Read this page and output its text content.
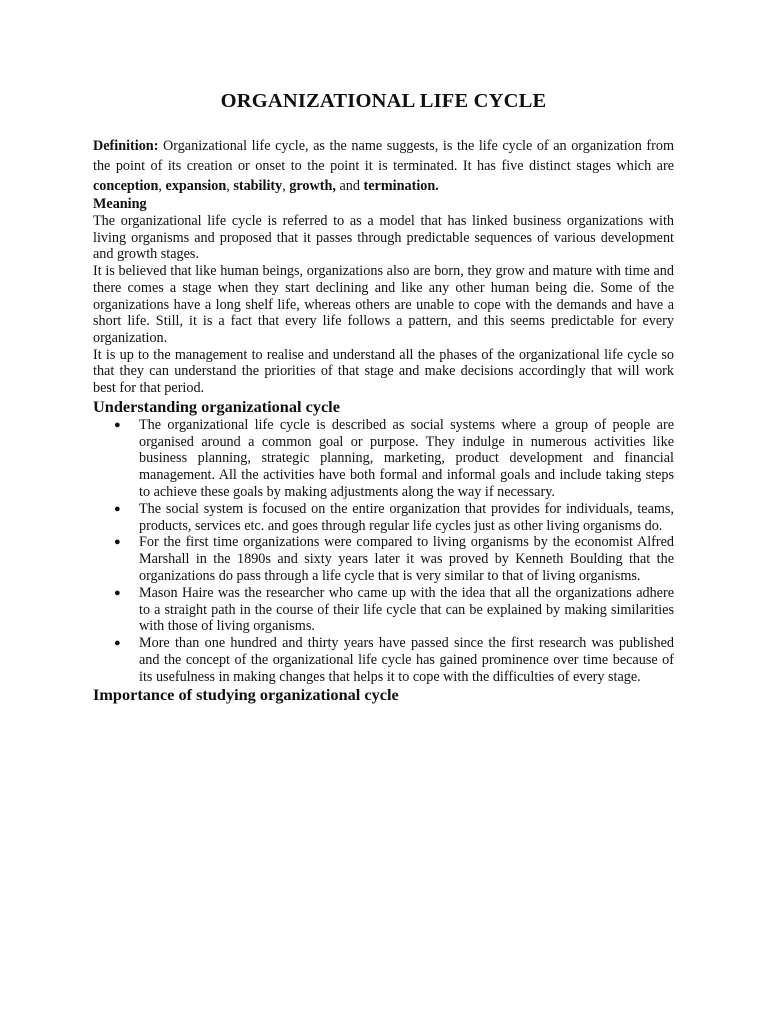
ORGANIZATIONAL LIFE CYCLE
Definition: Organizational life cycle, as the name suggests, is the life cycle of an organization from the point of its creation or onset to the point it is terminated. It has five distinct stages which are conception, expansion, stability, growth, and termination.
Meaning

The organizational life cycle is referred to as a model that has linked business organizations with living organisms and proposed that it passes through predictable sequences of various development and growth stages.

It is believed that like human beings, organizations also are born, they grow and mature with time and there comes a stage when they start declining and like any other human being die. Some of the organizations have a long shelf life, whereas others are unable to cope with the demands and have a short life. Still, it is a fact that every life follows a pattern, and this seems predictable for every organization.

It is up to the management to realise and understand all the phases of the organizational life cycle so that they can understand the priorities of that stage and make decisions accordingly that will work best for that period.

Understanding organizational cycle
● The organizational life cycle is described as social systems where a group of people are organised around a common goal or purpose. They indulge in numerous activities like business planning, strategic planning, marketing, product development and financial management. All the activities have both formal and informal goals and include taking steps to achieve these goals by making adjustments along the way if necessary.
● The social system is focused on the entire organization that provides for individuals, teams, products, services etc. and goes through regular life cycles just as other living organisms do.
● For the first time organizations were compared to living organisms by the economist Alfred Marshall in the 1890s and sixty years later it was proved by Kenneth Boulding that the organizations do pass through a life cycle that is very similar to that of living organisms.
● Mason Haire was the researcher who came up with the idea that all the organizations adhere to a straight path in the course of their life cycle that can be explained by making similarities with those of living organisms.
● More than one hundred and thirty years have passed since the first research was published and the concept of the organizational life cycle has gained prominence over time because of its usefulness in making changes that helps it to cope with the difficulties of every stage.
Importance of studying organizational cycle
